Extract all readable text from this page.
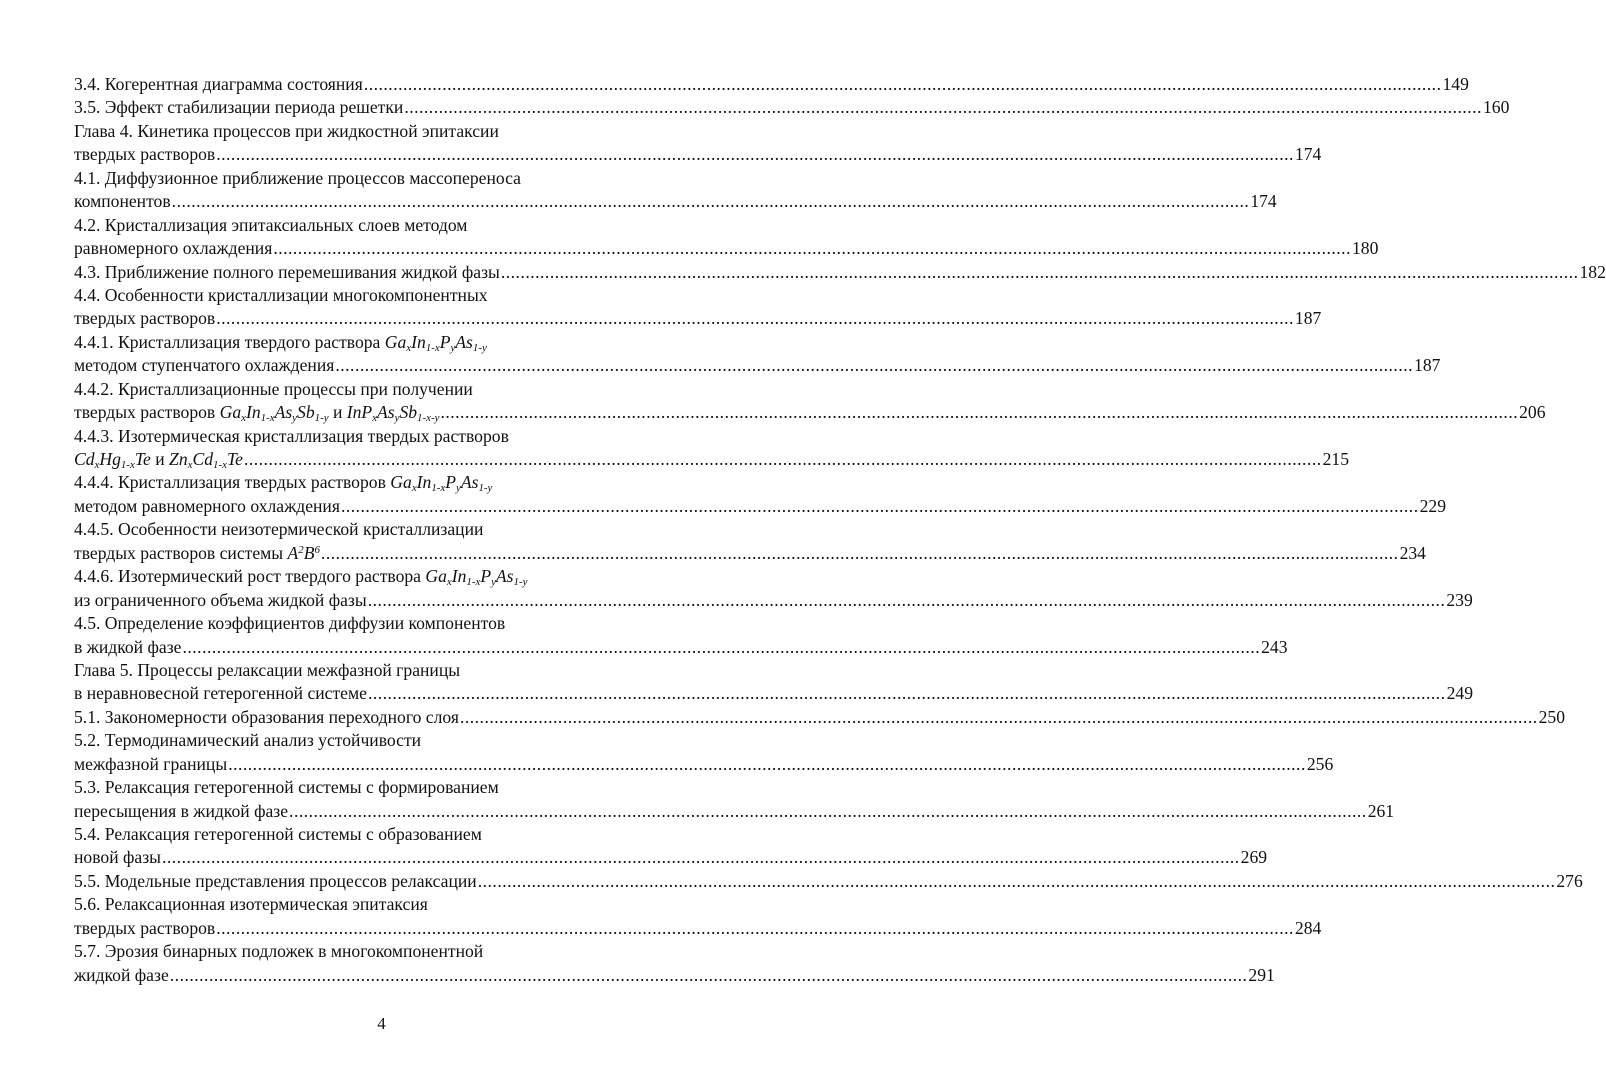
3.4. Когерентная диаграмма состояния ............................................................................................................................................................................................................................ 149
3.5. Эффект стабилизации периода решетки ............................................................................................................................................................................................................................ 160
Глава 4. Кинетика процессов при жидкостной эпитаксии
твердых растворов ............................................................................................................................................................................................................................ 174
4.1. Диффузионное приближение процессов массопереноса
компонентов ............................................................................................................................................................................................................................ 174
4.2. Кристаллизация эпитаксиальных слоев методом
равномерного охлаждения ............................................................................................................................................................................................................................ 180
4.3. Приближение полного перемешивания жидкой фазы ............................................................................................................................................................................................................................ 182
4.4. Особенности кристаллизации многокомпонентных
твердых растворов ............................................................................................................................................................................................................................ 187
4.4.1. Кристаллизация твердого раствора $Ga_xIn_{1-x}P_yAs_{1-y}$
методом ступенчатого охлаждения ............................................................................................................................................................................................................................ 187
4.4.2. Кристаллизационные процессы при получении
твердых растворов $Ga_xIn_{1-x}As_ySb_{1-y}$ и $InP_xAs_ySb_{1-x-y}$ ............................................................................................................................................................................................................................ 206
4.4.3. Изотермическая кристаллизация твердых растворов
$Cd_xHg_{1-x}Te$ и $Zn_xCd_{1-x}Te$ ............................................................................................................................................................................................................................ 215
4.4.4. Кристаллизация твердых растворов $Ga_xIn_{1-x}P_yAs_{1-y}$
методом равномерного охлаждения ............................................................................................................................................................................................................................ 229
4.4.5. Особенности неизотермической кристаллизации
твердых растворов системы $A^2B^6$ ............................................................................................................................................................................................................................ 234
4.4.6. Изотермический рост твердого раствора $Ga_xIn_{1-x}P_yAs_{1-y}$
из ограниченного объема жидкой фазы ............................................................................................................................................................................................................................ 239
4.5. Определение коэффициентов диффузии компонентов
в жидкой фазе ............................................................................................................................................................................................................................ 243
Глава 5. Процессы релаксации межфазной границы
в неравновесной гетерогенной системе ............................................................................................................................................................................................................................ 249
5.1. Закономерности образования переходного слоя ............................................................................................................................................................................................................................ 250
5.2. Термодинамический анализ устойчивости
межфазной границы ............................................................................................................................................................................................................................ 256
5.3. Релаксация гетерогенной системы с формированием
пересыщения в жидкой фазе ............................................................................................................................................................................................................................ 261
5.4. Релаксация гетерогенной системы с образованием
новой фазы ............................................................................................................................................................................................................................ 269
5.5. Модельные представления процессов релаксации ............................................................................................................................................................................................................................ 276
5.6. Релаксационная изотермическая эпитаксия
твердых растворов ............................................................................................................................................................................................................................ 284
5.7. Эрозия бинарных подложек в многокомпонентной
жидкой фазе ............................................................................................................................................................................................................................ 291
4
